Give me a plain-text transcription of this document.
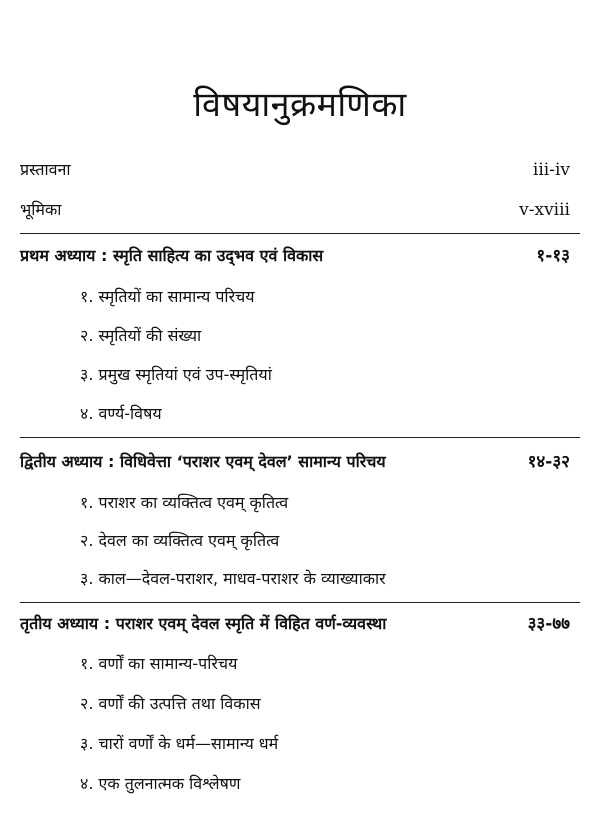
विषयानुक्रमणिका
प्रस्तावना	iii-iv
भूमिका	v-xviii
प्रथम अध्याय : स्मृति साहित्य का उद्‌भव एवं विकास	१-१३
१. स्मृतियों का सामान्य परिचय
२. स्मृतियों की संख्या
३. प्रमुख स्मृतियां एवं उप-स्मृतियां
४. वर्ण्य-विषय
द्वितीय अध्याय : विधिवेत्ता ‘पराशर एवम् देवल’ सामान्य परिचय	१४-३२
१. पराशर का व्यक्तित्व एवम् कृतित्व
२. देवल का व्यक्तित्व एवम् कृतित्व
३. काल—देवल-पराशर, माधव-पराशर के व्याख्याकार
तृतीय अध्याय : पराशर एवम् देवल स्मृति में विहित वर्ण-व्यवस्था	३३-७७
१. वर्णों का सामान्य-परिचय
२. वर्णों की उत्पत्ति तथा विकास
३. चारों वर्णों के धर्म—सामान्य धर्म
४. एक तुलनात्मक विश्लेषण
